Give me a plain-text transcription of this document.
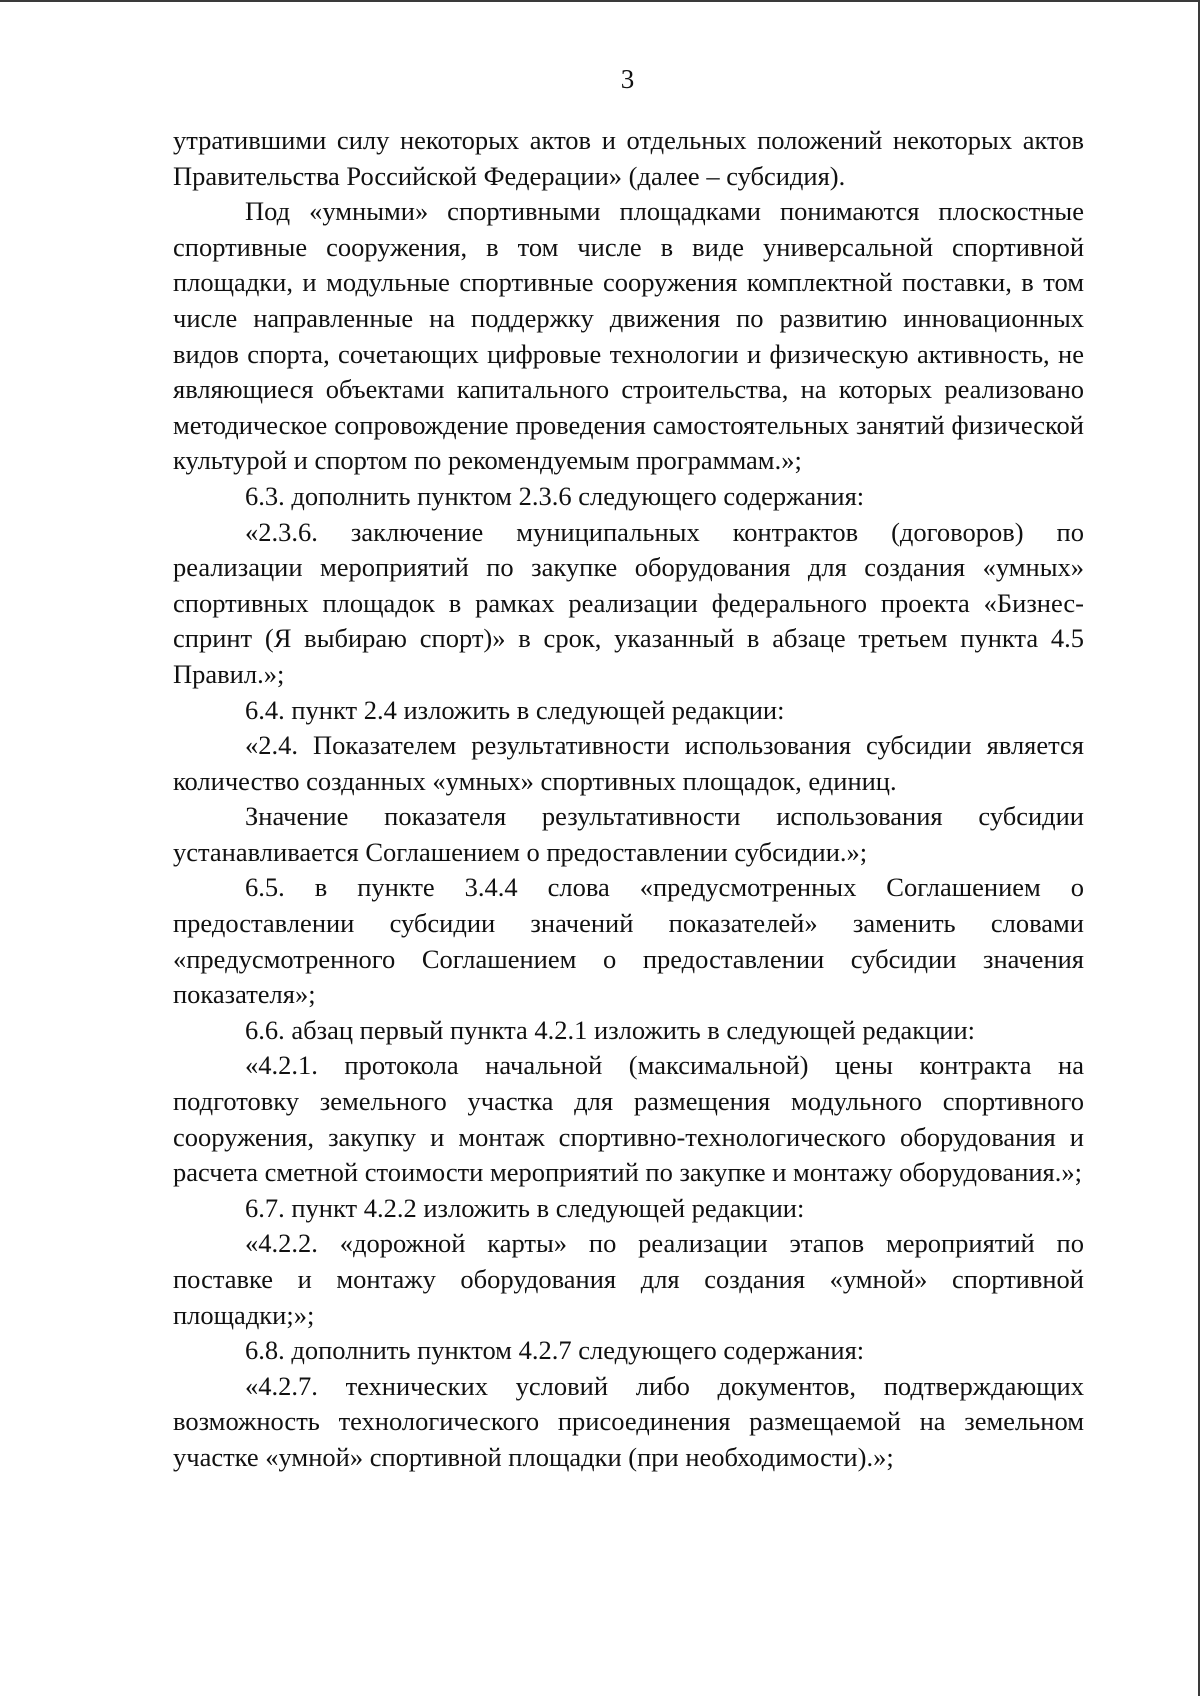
3

утратившими силу некоторых актов и отдельных положений некоторых актов Правительства Российской Федерации» (далее – субсидия).

Под «умными» спортивными площадками понимаются плоскостные спортивные сооружения, в том числе в виде универсальной спортивной площадки, и модульные спортивные сооружения комплектной поставки, в том числе направленные на поддержку движения по развитию инновационных видов спорта, сочетающих цифровые технологии и физическую активность, не являющиеся объектами капитального строительства, на которых реализовано методическое сопровождение проведения самостоятельных занятий физической культурой и спортом по рекомендуемым программам.»;

6.3. дополнить пунктом 2.3.6 следующего содержания:

«2.3.6. заключение муниципальных контрактов (договоров) по реализации мероприятий по закупке оборудования для создания «умных» спортивных площадок в рамках реализации федерального проекта «Бизнес-спринт (Я выбираю спорт)» в срок, указанный в абзаце третьем пункта 4.5 Правил.»;

6.4. пункт 2.4 изложить в следующей редакции:

«2.4. Показателем результативности использования субсидии является количество созданных «умных» спортивных площадок, единиц.

Значение показателя результативности использования субсидии устанавливается Соглашением о предоставлении субсидии.»;

6.5. в пункте 3.4.4 слова «предусмотренных Соглашением о предоставлении субсидии значений показателей» заменить словами «предусмотренного Соглашением о предоставлении субсидии значения показателя»;

6.6. абзац первый пункта 4.2.1 изложить в следующей редакции:

«4.2.1. протокола начальной (максимальной) цены контракта на подготовку земельного участка для размещения модульного спортивного сооружения, закупку и монтаж спортивно-технологического оборудования и расчета сметной стоимости мероприятий по закупке и монтажу оборудования.»;

6.7. пункт 4.2.2 изложить в следующей редакции:

«4.2.2. «дорожной карты» по реализации этапов мероприятий по поставке и монтажу оборудования для создания «умной» спортивной площадки;»;

6.8. дополнить пунктом 4.2.7 следующего содержания:

«4.2.7. технических условий либо документов, подтверждающих возможность технологического присоединения размещаемой на земельном участке «умной» спортивной площадки (при необходимости).»;
